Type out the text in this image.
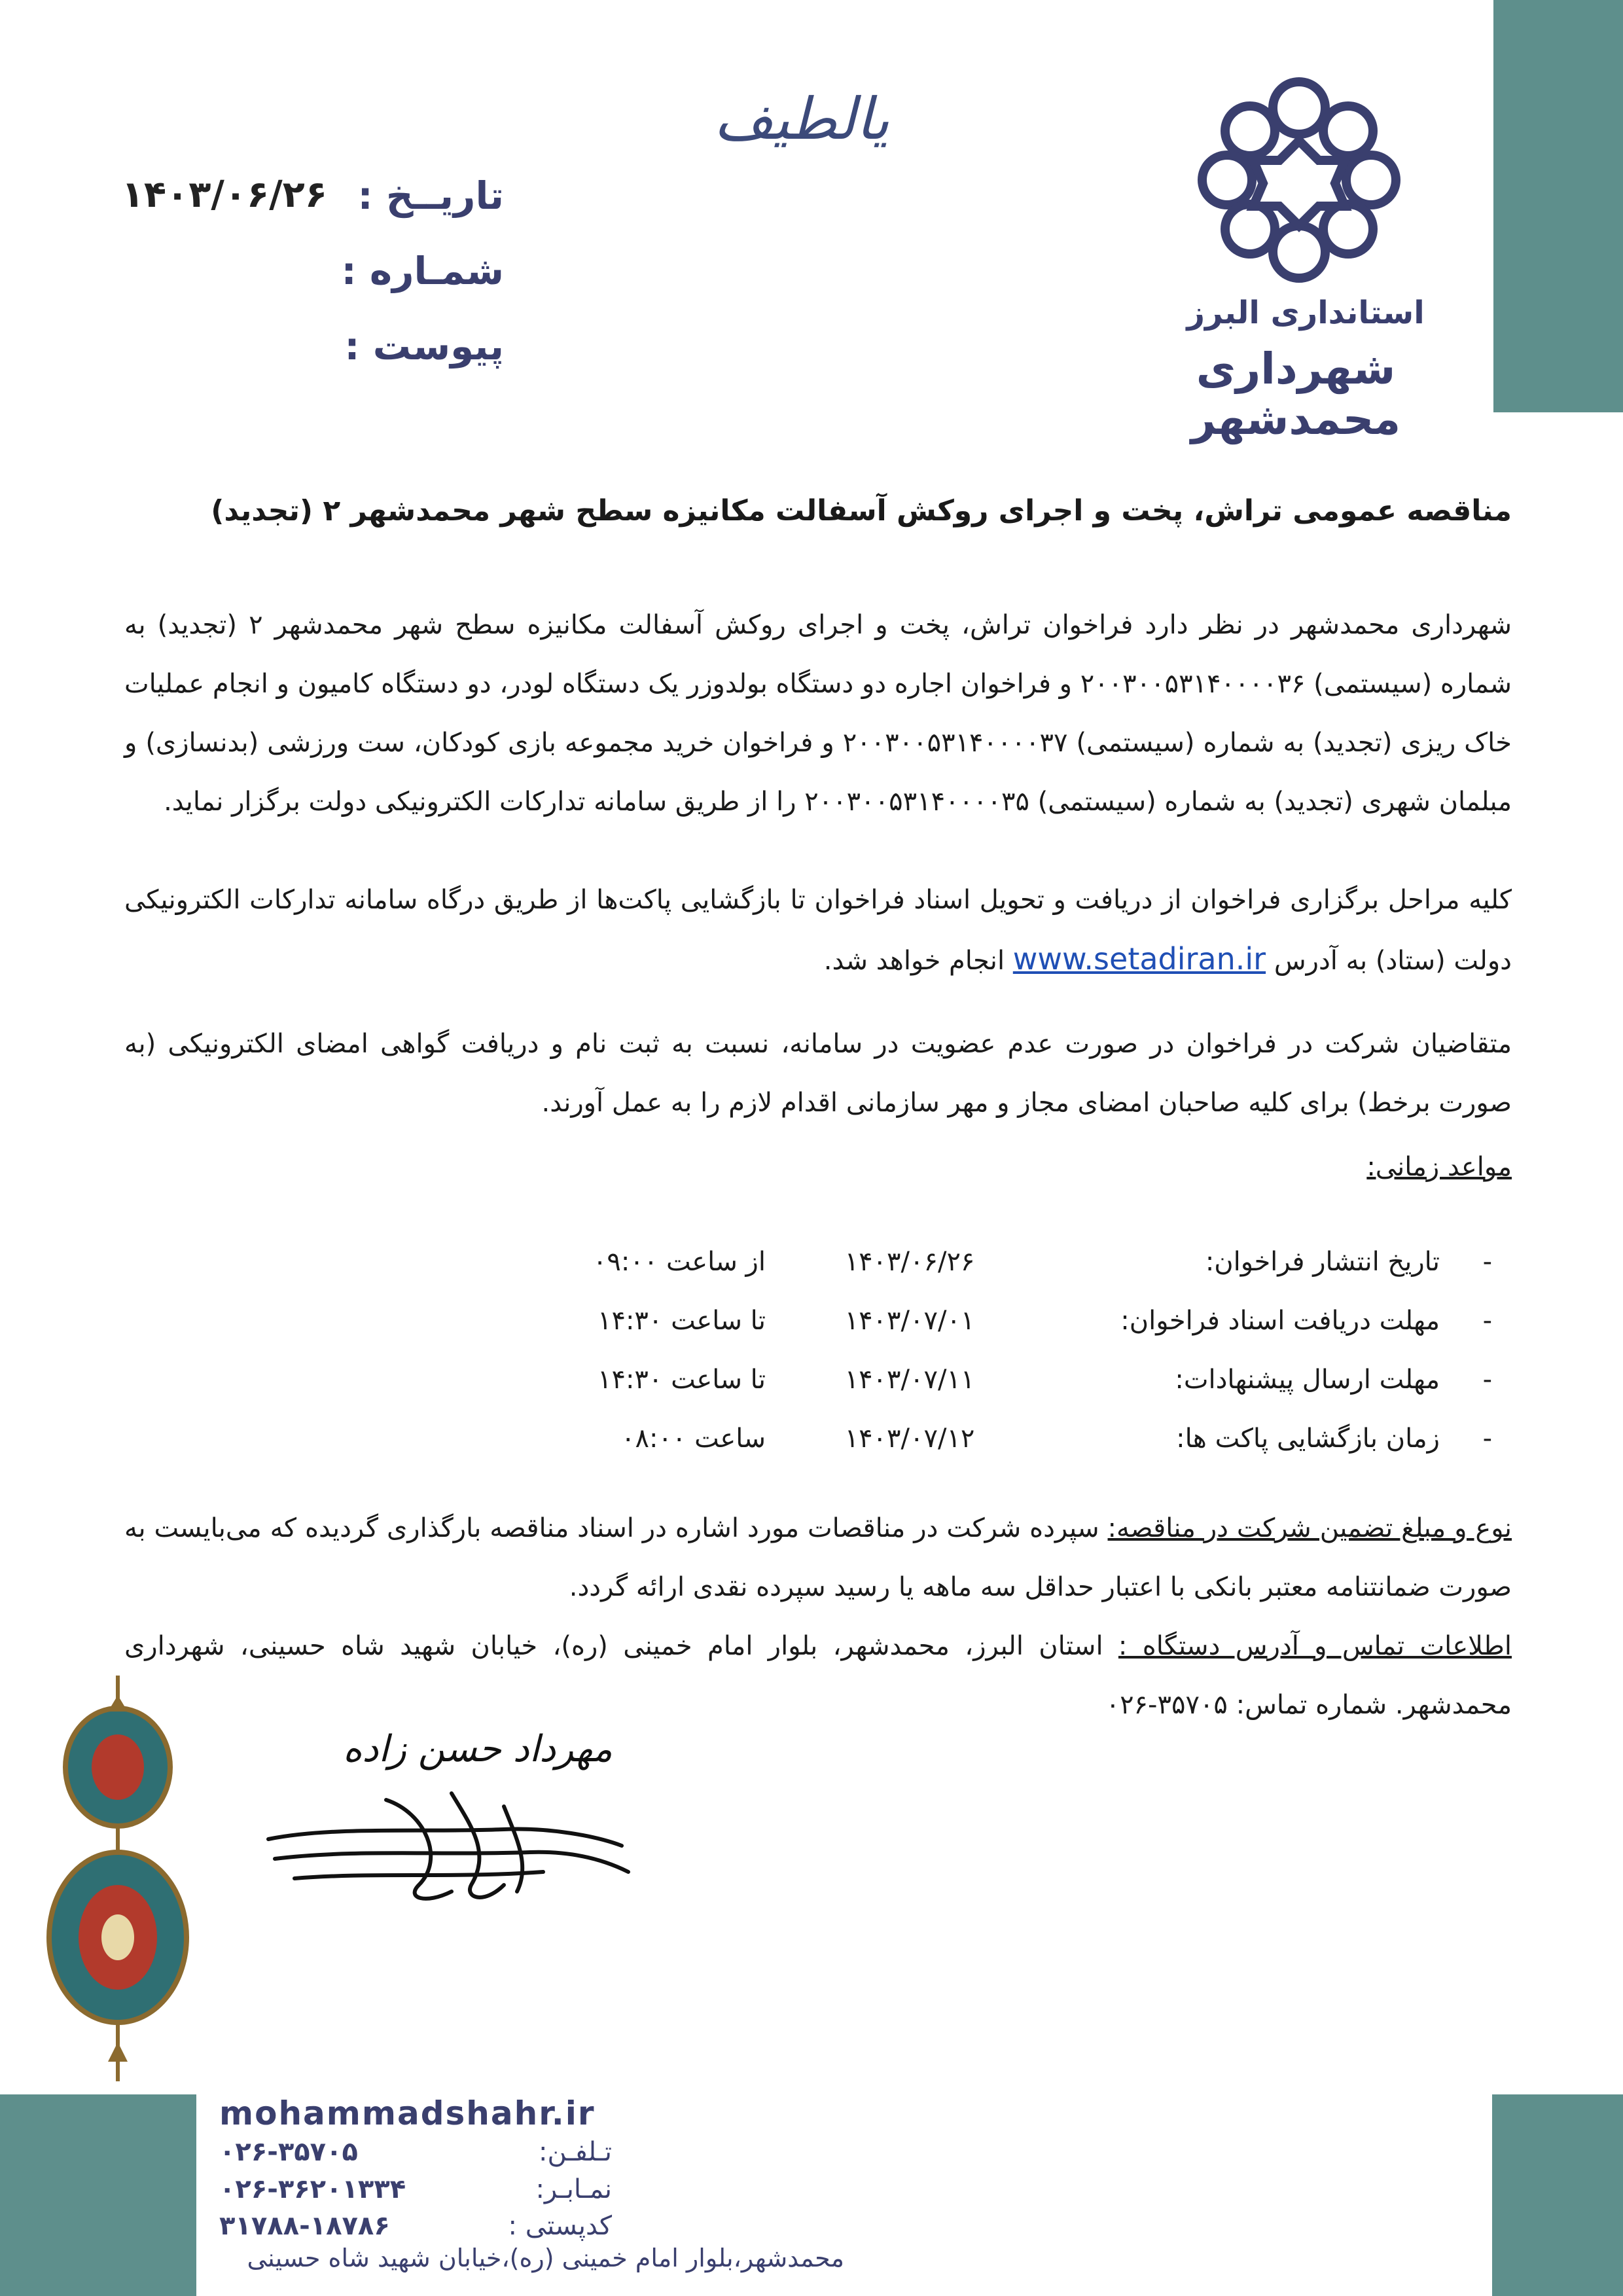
استانداری البرز
شهرداری محمدشهر
یالطیف
تاریــخ :
۱۴۰۳/۰۶/۲۶
شمـاره :
پیوست :
مناقصه عمومی تراش، پخت و اجرای روکش آسفالت مکانیزه سطح شهر محمدشهر ۲ (تجدید)
شهرداری محمدشهر در نظر دارد فراخوان تراش، پخت و اجرای روکش آسفالت مکانیزه سطح شهر محمدشهر ۲ (تجدید) به شماره (سیستمی) ۲۰۰۳۰۰۵۳۱۴۰۰۰۰۳۶ و فراخوان اجاره دو دستگاه بولدوزر یک دستگاه لودر، دو دستگاه کامیون و انجام عملیات خاک ریزی (تجدید) به شماره (سیستمی) ۲۰۰۳۰۰۵۳۱۴۰۰۰۰۳۷ و فراخوان خرید مجموعه بازی کودکان، ست ورزشی (بدنسازی) و مبلمان شهری (تجدید) به شماره (سیستمی) ۲۰۰۳۰۰۵۳۱۴۰۰۰۰۳۵ را از طریق سامانه تدارکات الکترونیکی دولت برگزار نماید.
کلیه مراحل برگزاری فراخوان از دریافت و تحویل اسناد فراخوان تا بازگشایی پاکت‌ها از طریق درگاه سامانه تدارکات الکترونیکی دولت (ستاد) به آدرس www.setadiran.ir انجام خواهد شد.
متقاضیان شرکت در فراخوان در صورت عدم عضویت در سامانه، نسبت به ثبت نام و دریافت گواهی امضای الکترونیکی (به صورت برخط) برای کلیه صاحبان امضای مجاز و مهر سازمانی اقدام لازم را به عمل آورند.
مواعد زمانی:
-
تاریخ انتشار فراخوان:
۱۴۰۳/۰۶/۲۶
از ساعت ۰۹:۰۰
-
مهلت دریافت اسناد فراخوان:
۱۴۰۳/۰۷/۰۱
تا ساعت ۱۴:۳۰
-
مهلت ارسال پیشنهادات:
۱۴۰۳/۰۷/۱۱
تا ساعت ۱۴:۳۰
-
زمان بازگشایی پاکت ها:
۱۴۰۳/۰۷/۱۲
ساعت ۰۸:۰۰
نوع و مبلغ تضمین شرکت در مناقصه: سپرده شرکت در مناقصات مورد اشاره در اسناد مناقصه بارگذاری گردیده که می‌بایست به صورت ضمانتنامه معتبر بانکی با اعتبار حداقل سه ماهه یا رسید سپرده نقدی ارائه گردد.
اطلاعات تماس و آدرس دستگاه : استان البرز، محمدشهر، بلوار امام خمینی (ره)، خیابان شهید شاه حسینی، شهرداری محمدشهر. شماره تماس: ۳۵۷۰۵-۰۲۶
مهرداد حسن زاده
mohammadshahr.ir
تـلفـن:
۰۲۶-۳۵۷۰۵
نمـابـر:
۰۲۶-۳۶۲۰۱۳۳۴
کدپستی :
۳۱۷۸۸-۱۸۷۸۶
محمدشهر،بلوار امام خمینی (ره)،خیابان شهید شاه حسینی
